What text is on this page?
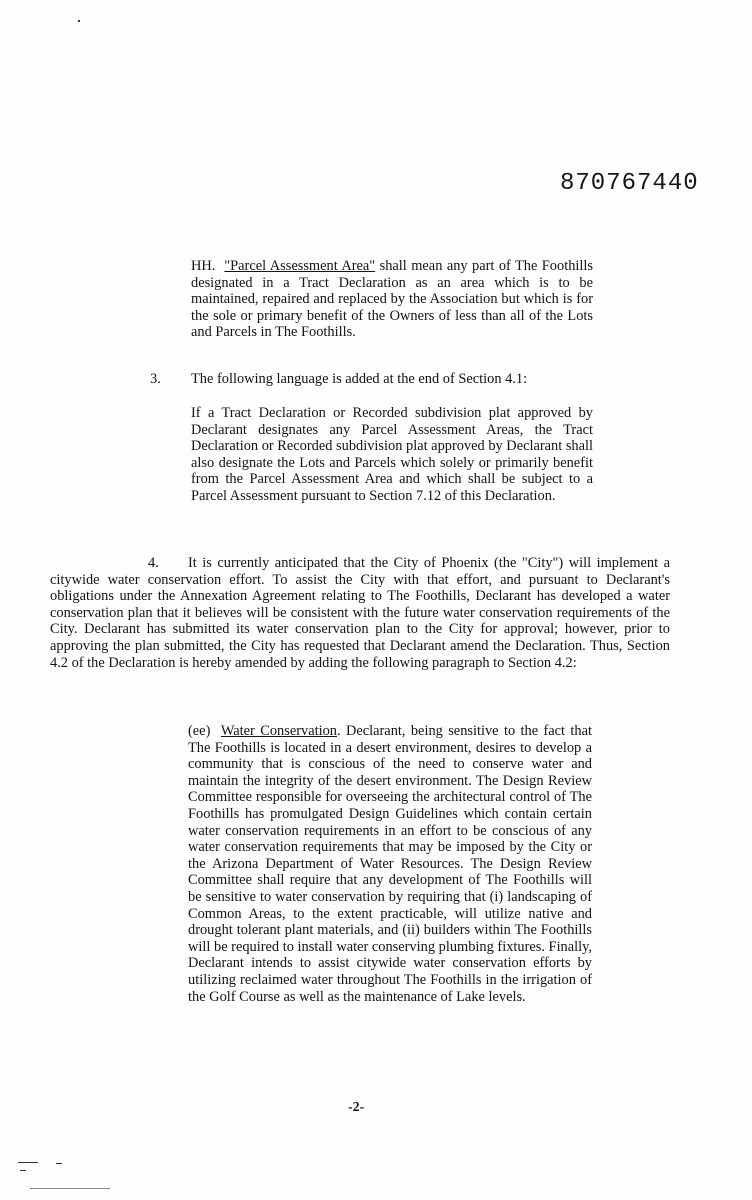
870767440

HH. "Parcel Assessment Area" shall mean any part of The Foothills designated in a Tract Declaration as an area which is to be maintained, repaired and replaced by the Association but which is for the sole or primary benefit of the Owners of less than all of the Lots and Parcels in The Foothills.

3. The following language is added at the end of Section 4.1:

If a Tract Declaration or Recorded subdivision plat approved by Declarant designates any Parcel Assessment Areas, the Tract Declaration or Recorded subdivision plat approved by Declarant shall also designate the Lots and Parcels which solely or primarily benefit from the Parcel Assessment Area and which shall be subject to a Parcel Assessment pursuant to Section 7.12 of this Declaration.

4.	It is currently anticipated that the City of Phoenix (the "City") will implement a citywide water conservation effort. To assist the City with that effort, and pursuant to Declarant's obligations under the Annexation Agreement relating to The Foothills, Declarant has developed a water conservation plan that it believes will be consistent with the future water conservation requirements of the City. Declarant has submitted its water conservation plan to the City for approval; however, prior to approving the plan submitted, the City has requested that Declarant amend the Declaration. Thus, Section 4.2 of the Declaration is hereby amended by adding the following paragraph to Section 4.2:

(ee) Water Conservation. Declarant, being sensitive to the fact that The Foothills is located in a desert environment, desires to develop a community that is conscious of the need to conserve water and maintain the integrity of the desert environment. The Design Review Committee responsible for overseeing the architectural control of The Foothills has promulgated Design Guidelines which contain certain water conservation requirements in an effort to be conscious of any water conservation requirements that may be imposed by the City or the Arizona Department of Water Resources. The Design Review Committee shall require that any development of The Foothills will be sensitive to water conservation by requiring that (i) landscaping of Common Areas, to the extent practicable, will utilize native and drought tolerant plant materials, and (ii) builders within The Foothills will be required to install water conserving plumbing fixtures. Finally, Declarant intends to assist citywide water conservation efforts by utilizing reclaimed water throughout The Foothills in the irrigation of the Golf Course as well as the maintenance of Lake levels.

-2-
